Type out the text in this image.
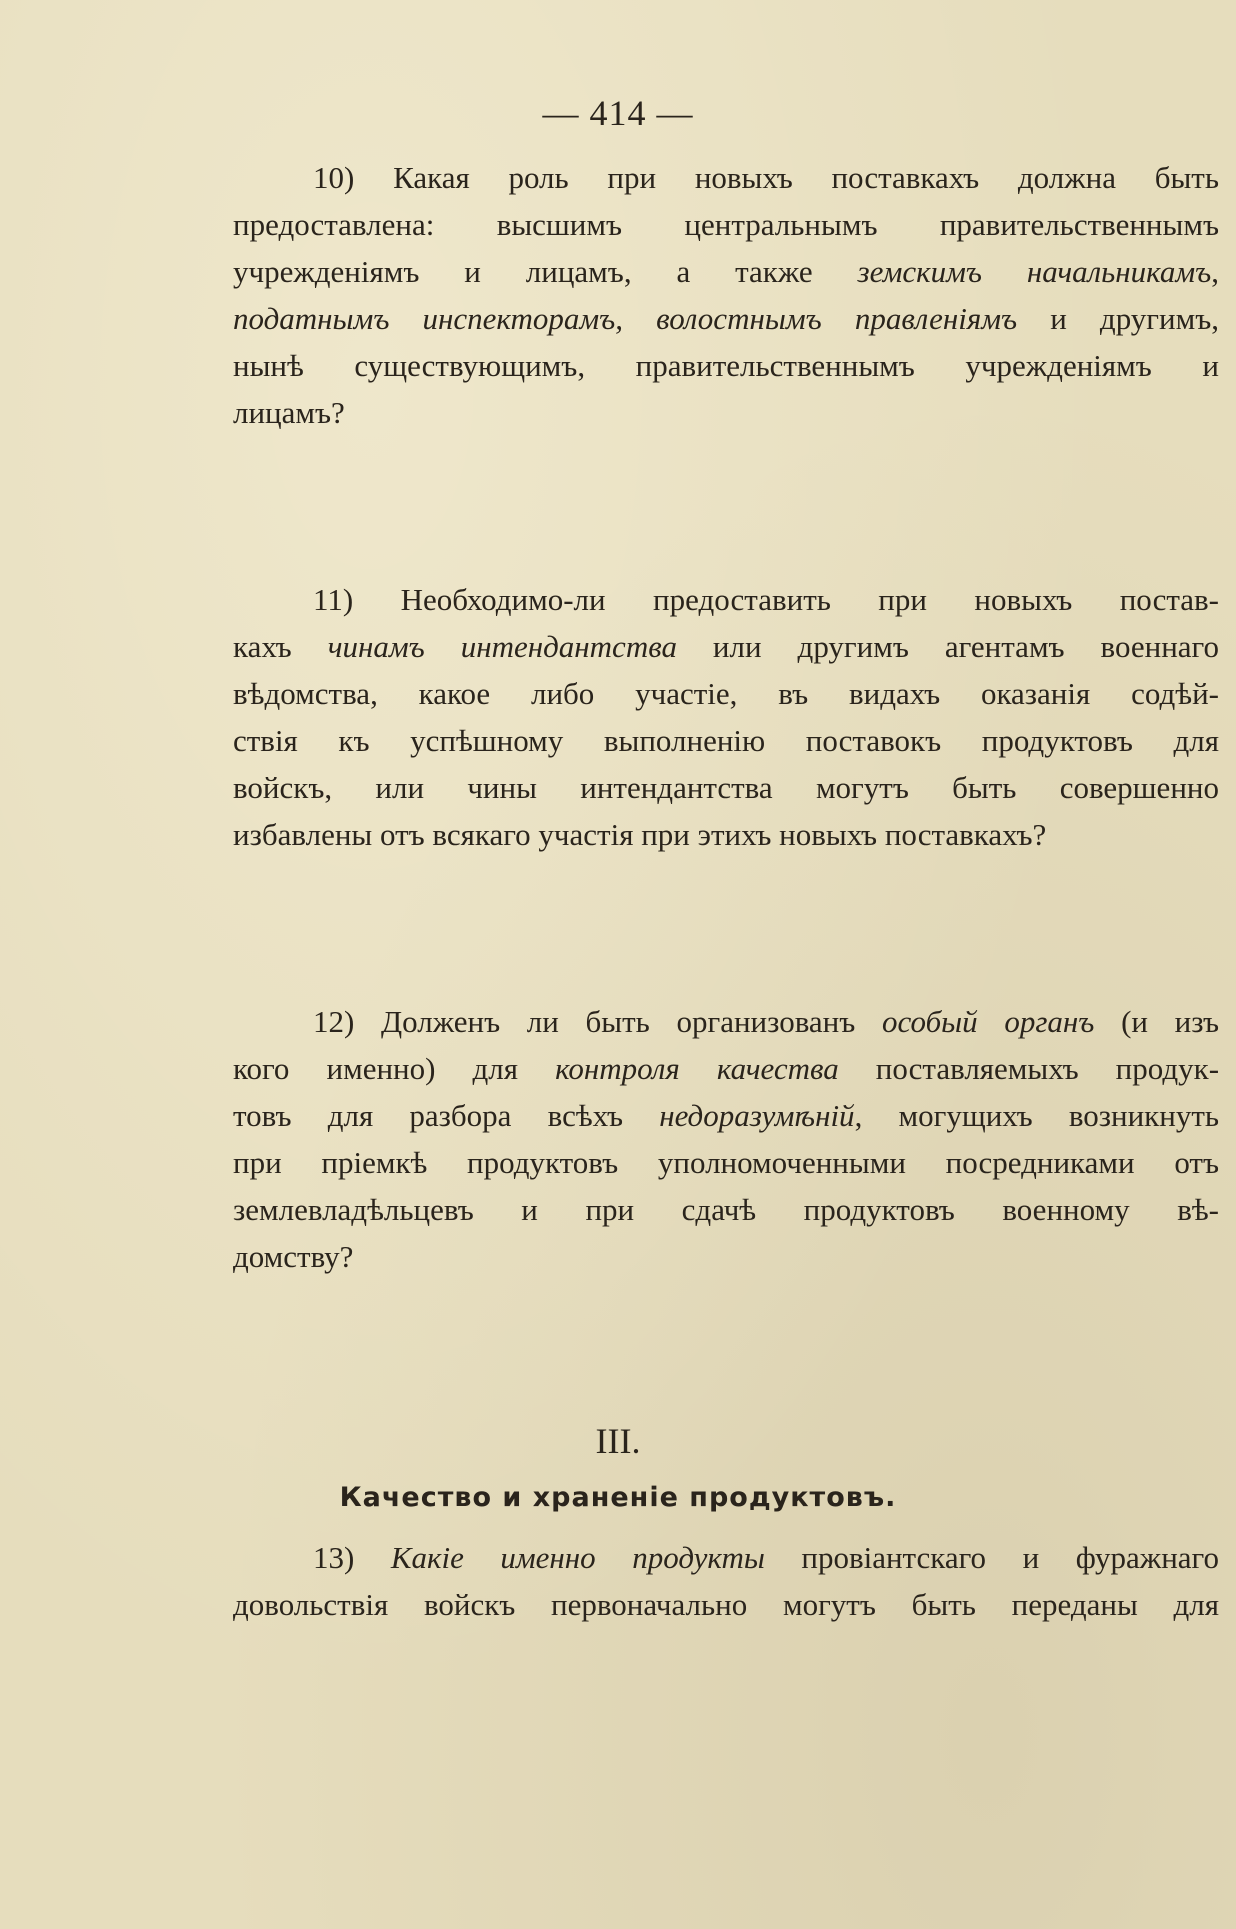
— 414 —
10) Какая роль при новыхъ поставкахъ должна быть
предоставлена: высшимъ центральнымъ правительственнымъ
учрежденіямъ и лицамъ, а также земскимъ начальникамъ,
податнымъ инспекторамъ, волостнымъ правленіямъ и другимъ,
нынѣ существующимъ, правительственнымъ учрежденіямъ и
лицамъ?
11) Необходимо-ли предоставить при новыхъ постав-
кахъ чинамъ интендантства или другимъ агентамъ военнаго
вѣдомства, какое либо участіе, въ видахъ оказанія содѣй-
ствія къ успѣшному выполненію поставокъ продуктовъ для
войскъ, или чины интендантства могутъ быть совершенно
избавлены отъ всякаго участія при этихъ новыхъ поставкахъ?
12) Долженъ ли быть организованъ особый органъ (и изъ
кого именно) для контроля качества поставляемыхъ продук-
товъ для разбора всѣхъ недоразумѣній, могущихъ возникнуть
при пріемкѣ продуктовъ уполномоченными посредниками отъ
землевладѣльцевъ и при сдачѣ продуктовъ военному вѣ-
домству?
III.
Качество и храненіе продуктовъ.
13) Какіе именно продукты провіантскаго и фуражнаго
довольствія войскъ первоначально могутъ быть переданы для
